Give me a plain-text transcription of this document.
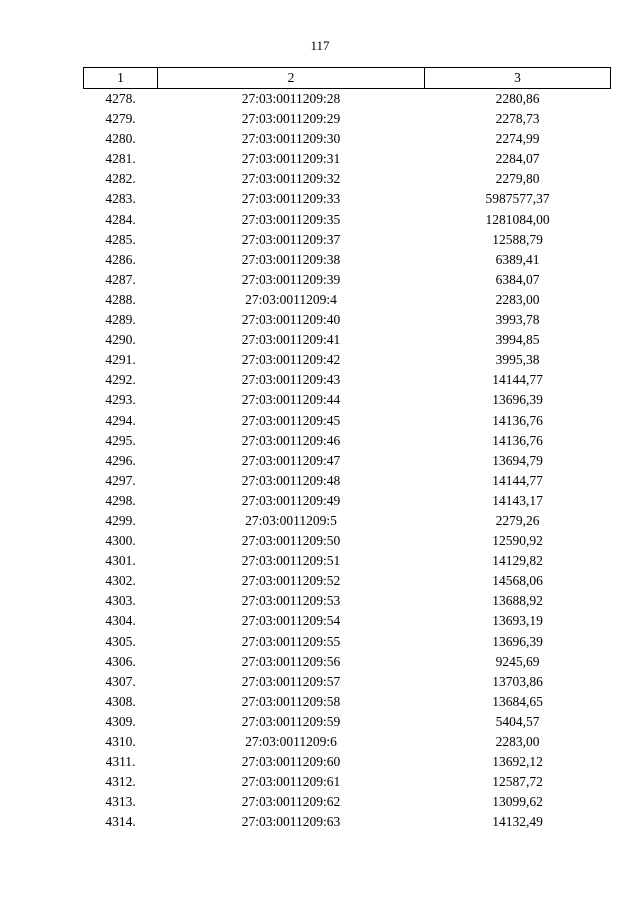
117
1	2	3
4278.	27:03:0011209:28	2280,86
4279.	27:03:0011209:29	2278,73
4280.	27:03:0011209:30	2274,99
4281.	27:03:0011209:31	2284,07
4282.	27:03:0011209:32	2279,80
4283.	27:03:0011209:33	5987577,37
4284.	27:03:0011209:35	1281084,00
4285.	27:03:0011209:37	12588,79
4286.	27:03:0011209:38	6389,41
4287.	27:03:0011209:39	6384,07
4288.	27:03:0011209:4	2283,00
4289.	27:03:0011209:40	3993,78
4290.	27:03:0011209:41	3994,85
4291.	27:03:0011209:42	3995,38
4292.	27:03:0011209:43	14144,77
4293.	27:03:0011209:44	13696,39
4294.	27:03:0011209:45	14136,76
4295.	27:03:0011209:46	14136,76
4296.	27:03:0011209:47	13694,79
4297.	27:03:0011209:48	14144,77
4298.	27:03:0011209:49	14143,17
4299.	27:03:0011209:5	2279,26
4300.	27:03:0011209:50	12590,92
4301.	27:03:0011209:51	14129,82
4302.	27:03:0011209:52	14568,06
4303.	27:03:0011209:53	13688,92
4304.	27:03:0011209:54	13693,19
4305.	27:03:0011209:55	13696,39
4306.	27:03:0011209:56	9245,69
4307.	27:03:0011209:57	13703,86
4308.	27:03:0011209:58	13684,65
4309.	27:03:0011209:59	5404,57
4310.	27:03:0011209:6	2283,00
4311.	27:03:0011209:60	13692,12
4312.	27:03:0011209:61	12587,72
4313.	27:03:0011209:62	13099,62
4314.	27:03:0011209:63	14132,49
